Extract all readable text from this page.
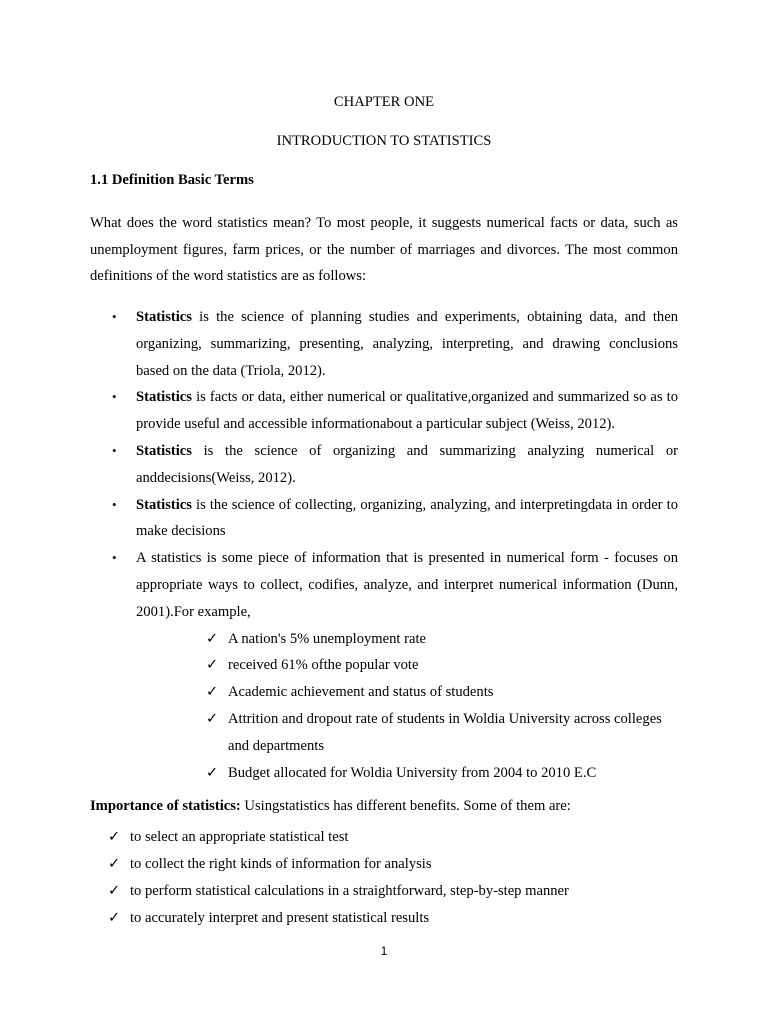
CHAPTER ONE
INTRODUCTION TO STATISTICS
1.1 Definition Basic Terms
What does the word statistics mean? To most people, it suggests numerical facts or data, such as unemployment figures, farm prices, or the number of marriages and divorces. The most common definitions of the word statistics are as follows:
• Statistics is the science of planning studies and experiments, obtaining data, and then organizing, summarizing, presenting, analyzing, interpreting, and drawing conclusions based on the data (Triola, 2012).
• Statistics is facts or data, either numerical or qualitative,organized and summarized so as to provide useful and accessible informationabout a particular subject (Weiss, 2012).
• Statistics is the science of organizing and summarizing analyzing numerical or anddecisions(Weiss, 2012).
• Statistics is the science of collecting, organizing, analyzing, and interpretingdata in order to make decisions
• A statistics is some piece of information that is presented in numerical form - focuses on appropriate ways to collect, codifies, analyze, and interpret numerical information (Dunn, 2001).For example,
✓ A nation's 5% unemployment rate
✓ received 61% ofthe popular vote
✓ Academic achievement and status of students
✓ Attrition and dropout rate of students in Woldia University across colleges and departments
✓ Budget allocated for Woldia University from 2004 to 2010 E.C
Importance of statistics: Usingstatistics has different benefits. Some of them are:
✓ to select an appropriate statistical test
✓ to collect the right kinds of information for analysis
✓ to perform statistical calculations in a straightforward, step-by-step manner
✓ to accurately interpret and present statistical results
1
